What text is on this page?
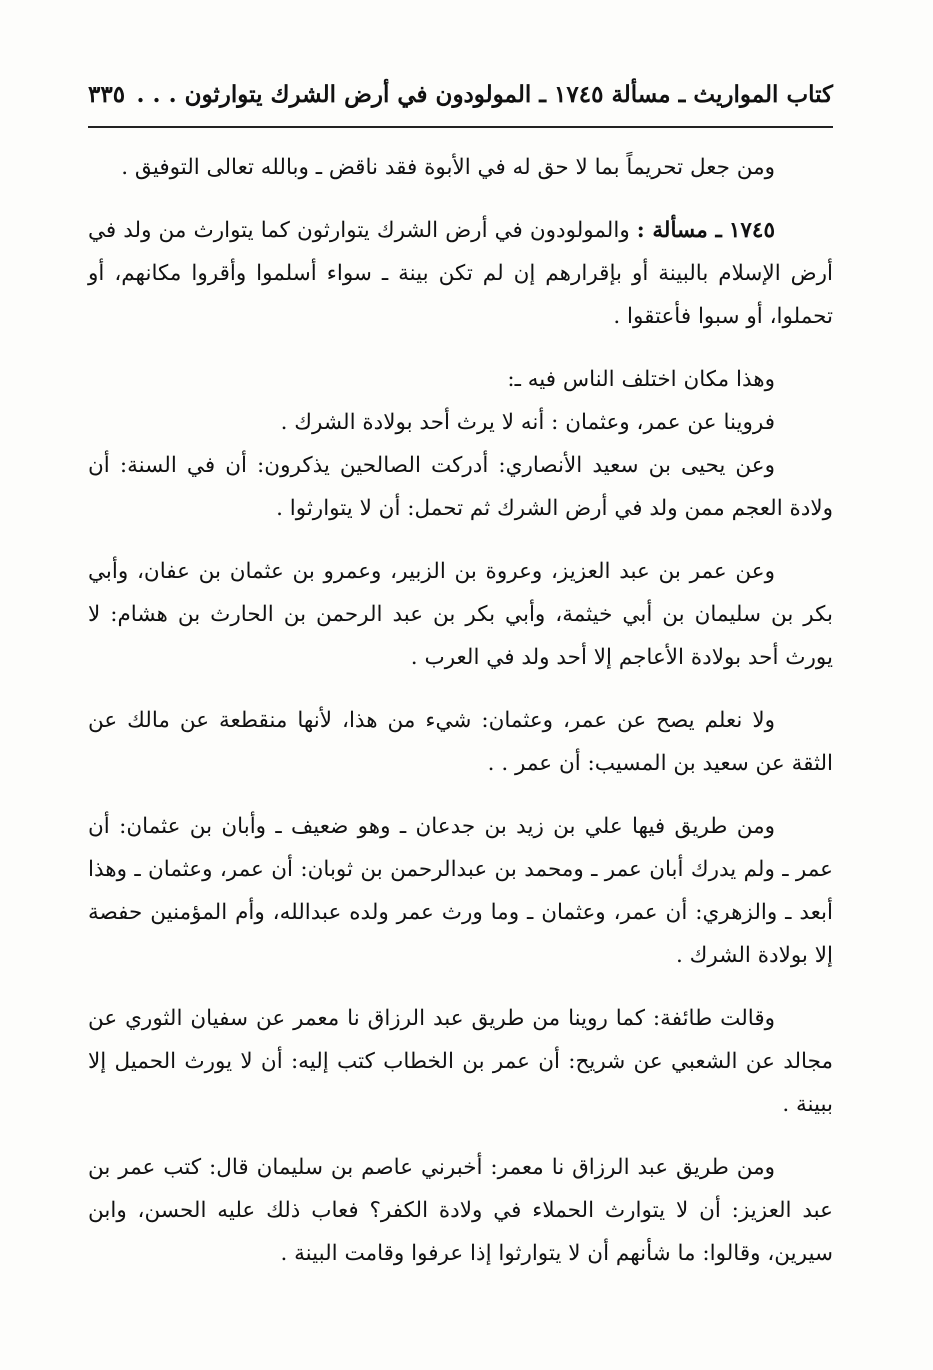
كتاب المواريث ـ مسألة ١٧٤٥ ـ المولودون في أرض الشرك يتوارثون . . .
٣٣٥

ومن جعل تحريماً بما لا حق له في الأبوة فقد ناقض ـ وبالله تعالى التوفيق .

١٧٤٥ ـ مسألة : والمولودون في أرض الشرك يتوارثون كما يتوارث من ولد في أرض الإسلام بالبينة أو بإقرارهم إن لم تكن بينة ـ سواء أسلموا وأقروا مكانهم، أو تحملوا، أو سبوا فأعتقوا .

وهذا مكان اختلف الناس فيه ـ:

فروينا عن عمر، وعثمان : أنه لا يرث أحد بولادة الشرك .

وعن يحيى بن سعيد الأنصاري: أدركت الصالحين يذكرون: أن في السنة: أن ولادة العجم ممن ولد في أرض الشرك ثم تحمل: أن لا يتوارثوا .

وعن عمر بن عبد العزيز، وعروة بن الزبير، وعمرو بن عثمان بن عفان، وأبي بكر بن سليمان بن أبي خيثمة، وأبي بكر بن عبد الرحمن بن الحارث بن هشام: لا يورث أحد بولادة الأعاجم إلا أحد ولد في العرب .

ولا نعلم يصح عن عمر، وعثمان: شيء من هذا، لأنها منقطعة عن مالك عن الثقة عن سعيد بن المسيب: أن عمر . .

ومن طريق فيها علي بن زيد بن جدعان ـ وهو ضعيف ـ وأبان بن عثمان: أن عمر ـ ولم يدرك أبان عمر ـ ومحمد بن عبدالرحمن بن ثوبان: أن عمر، وعثمان ـ وهذا أبعد ـ والزهري: أن عمر، وعثمان ـ وما ورث عمر ولده عبدالله، وأم المؤمنين حفصة إلا بولادة الشرك .

وقالت طائفة: كما روينا من طريق عبد الرزاق نا معمر عن سفيان الثوري عن مجالد عن الشعبي عن شريح: أن عمر بن الخطاب كتب إليه: أن لا يورث الحميل إلا ببينة .

ومن طريق عبد الرزاق نا معمر: أخبرني عاصم بن سليمان قال: كتب عمر بن عبد العزيز: أن لا يتوارث الحملاء في ولادة الكفر؟ فعاب ذلك عليه الحسن، وابن سيرين، وقالوا: ما شأنهم أن لا يتوارثوا إذا عرفوا وقامت البينة .
